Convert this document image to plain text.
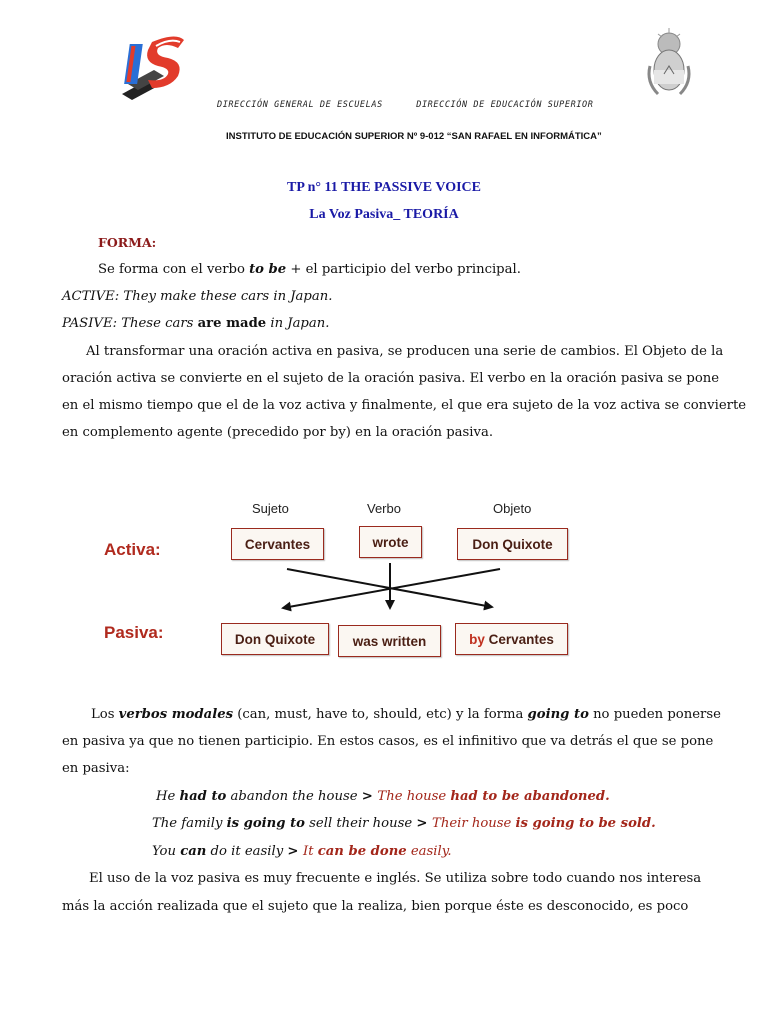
DIRECCIÓN GENERAL DE ESCUELAS	DIRECCIÓN DE EDUCACIÓN SUPERIOR
INSTITUTO DE EDUCACIÓN SUPERIOR Nº 9-012 “SAN RAFAEL EN INFORMÁTICA”
TP n° 11 THE PASSIVE VOICE
La Voz Pasiva_ TEORÍA
FORMA:
Se forma con el verbo to be + el participio del verbo principal.
ACTIVE: They make these cars in Japan.
PASIVE: These cars are made in Japan.
Al transformar una oración activa en pasiva, se producen una serie de cambios. El Objeto de la
oración activa se convierte en el sujeto de la oración pasiva. El verbo en la oración pasiva se pone
en el mismo tiempo que el de la voz activa y finalmente, el que era sujeto de la voz activa se convierte
en complemento agente (precedido por by) en la oración pasiva.
Sujeto	Verbo	Objeto
Activa:
Pasiva:
Cervantes	wrote	Don Quixote
Don Quixote	was written	by Cervantes
Los verbos modales (can, must, have to, should, etc) y la forma going to no pueden ponerse
en pasiva ya que no tienen participio. En estos casos, es el infinitivo que va detrás el que se pone
en pasiva:
He had to abandon the house > The house had to be abandoned.
The family is going to sell their house > Their house is going to be sold.
You can do it easily > It can be done easily.
El uso de la voz pasiva es muy frecuente e inglés. Se utiliza sobre todo cuando nos interesa
más la acción realizada que el sujeto que la realiza, bien porque éste es desconocido, es poco
